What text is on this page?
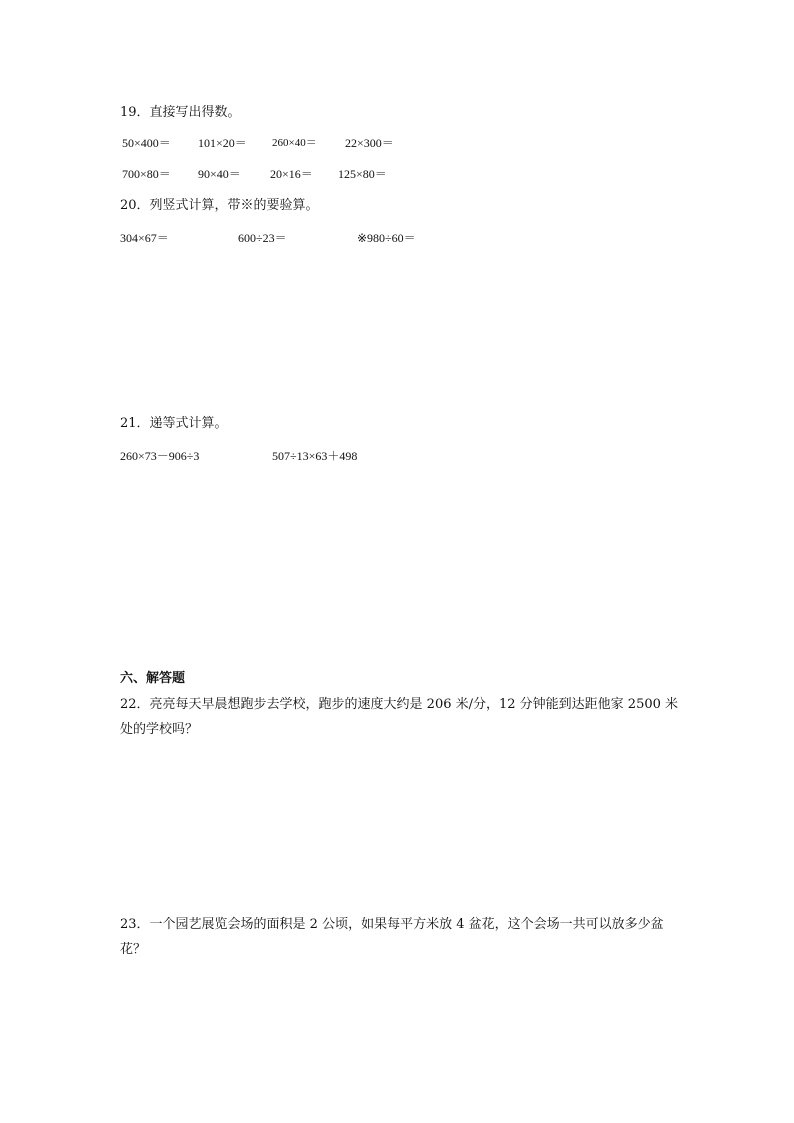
19．直接写出得数。
50×400＝ 101×20＝ 260×40＝ 22×300＝
700×80＝ 90×40＝ 20×16＝ 125×80＝
20．列竖式计算，带※的要验算。
304×67＝	600÷23＝	※980÷60＝
21．递等式计算。
260×73－906÷3	507÷13×63＋498
六、解答题
22．亮亮每天早晨想跑步去学校，跑步的速度大约是 206 米/分，12 分钟能到达距他家 2500 米处的学校吗？
23．一个园艺展览会场的面积是 2 公顷，如果每平方米放 4 盆花，这个会场一共可以放多少盆花？
